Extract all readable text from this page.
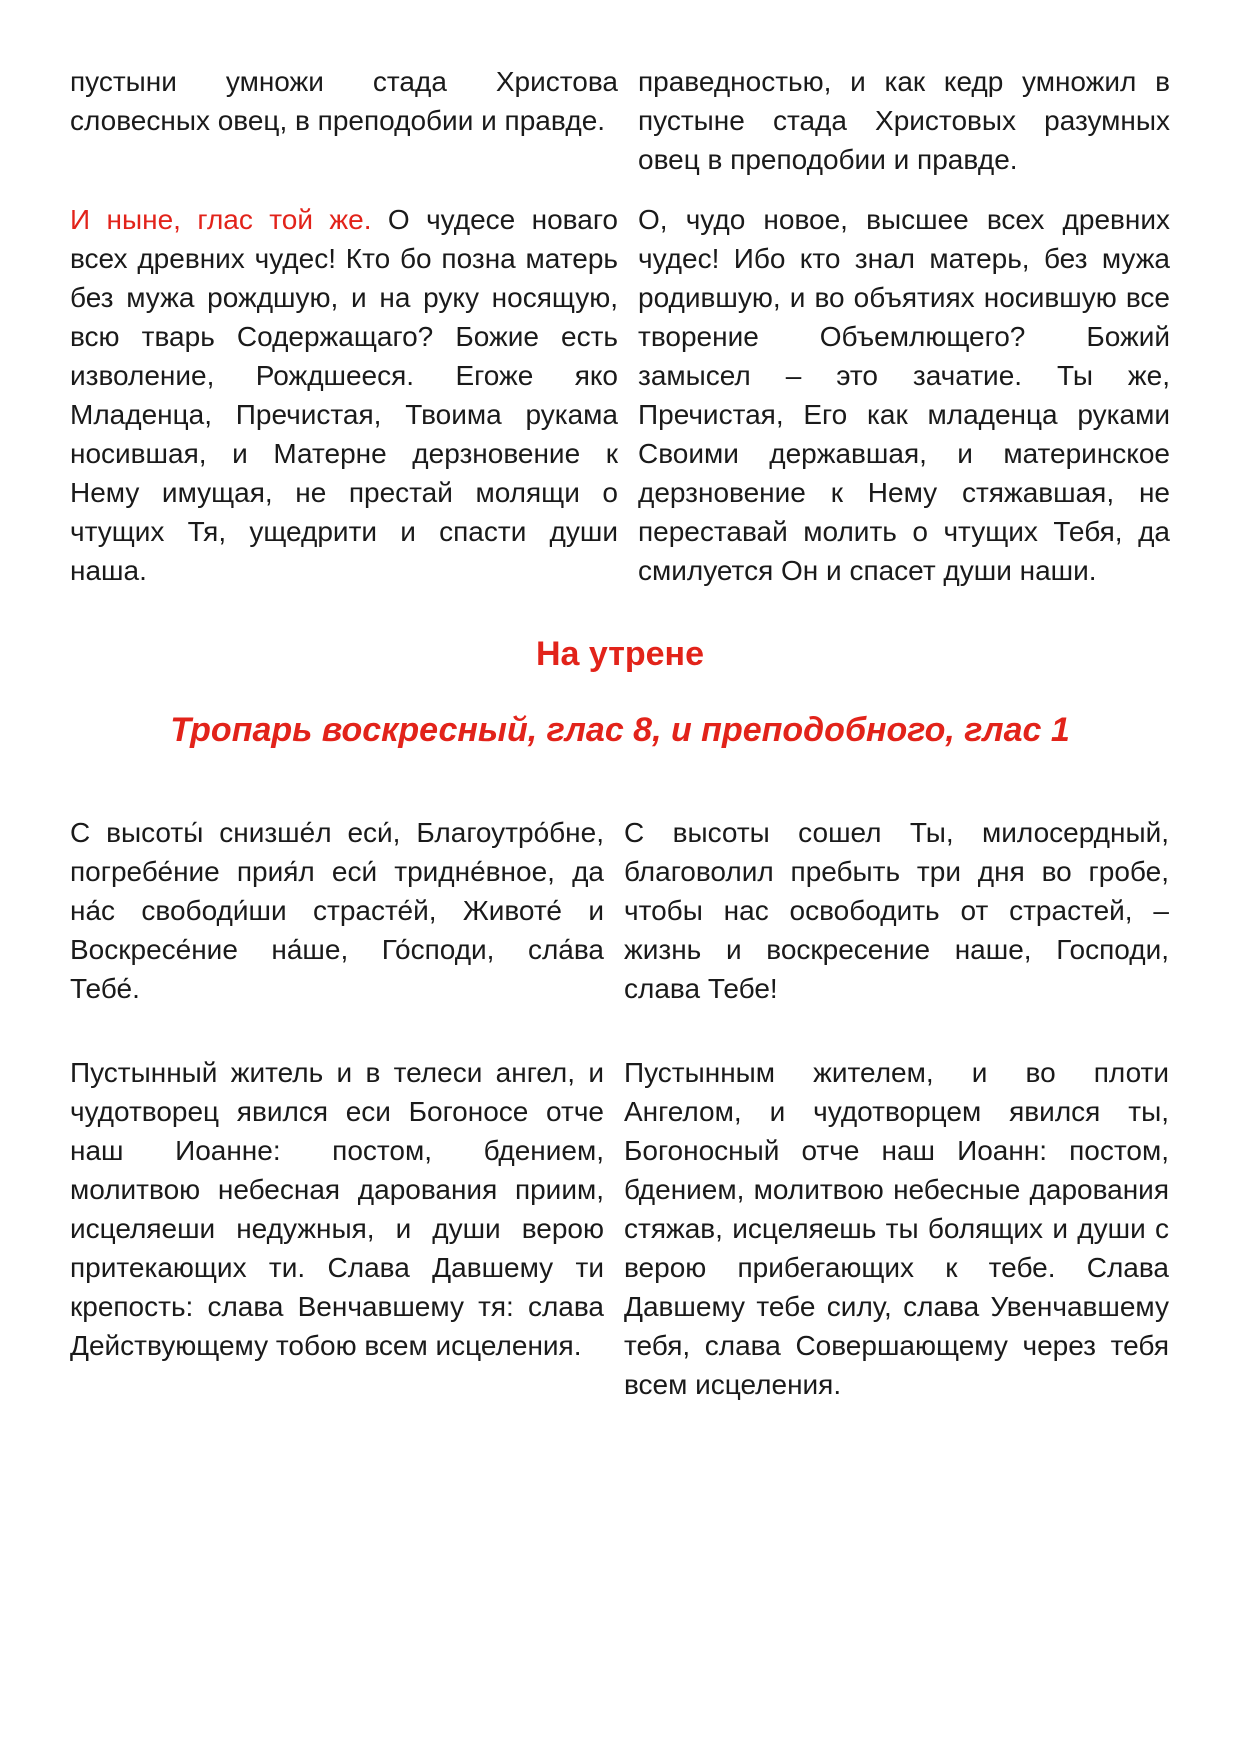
пустыни умножи стада Христова словесных овец, в преподобии и правде.

праведностью, и как кедр умножил в пустыне стада Христовых разумных овец в преподобии и правде.

И ныне, глас той же. О чудесе новаго всех древних чудес! Кто бо позна матерь без мужа рождшую, и на руку носящую, всю тварь Содержащаго? Божие есть изволение, Рождшееся. Егоже яко Младенца, Пречистая, Твоима рукама носившая, и Матерне дерзновение к Нему имущая, не престай молящи о чтущих Тя, ущедрити и спасти души наша.

О, чудо новое, высшее всех древних чудес! Ибо кто знал матерь, без мужа родившую, и во объятиях носившую все творение Объемлющего? Божий замысел – это зачатие. Ты же, Пречистая, Его как младенца руками Своими державшая, и материнское дерзновение к Нему стяжавшая, не переставай молить о чтущих Тебя, да смилуется Он и спасет души наши.

На утрене
Тропарь воскресный, глас 8, и преподобного, глас 1

С высоты́ снизше́л еси́, Благоутро́бне, погребе́ние прия́л еси́ тридне́вное, да на́с свободи́ши страсте́й, Животе́ и Воскресе́ние на́ше, Го́споди, сла́ва Тебе́.

С высоты сошел Ты, милосердный, благоволил пребыть три дня во гробе, чтобы нас освободить от страстей, – жизнь и воскресение наше, Господи, слава Тебе!

Пустынный житель и в телеси ангел, и чудотворец явился еси Богоносе отче наш Иоанне: постом, бдением, молитвою небесная дарования приим, исцеляеши недужныя, и души верою притекающих ти. Слава Давшему ти крепость: слава Венчавшему тя: слава Действующему тобою всем исцеления.

Пустынным жителем, и во плоти Ангелом, и чудотворцем явился ты, Богоносный отче наш Иоанн: постом, бдением, молитвою небесные дарования стяжав, исцеляешь ты болящих и души с верою прибегающих к тебе. Слава Давшему тебе силу, слава Увенчавшему тебя, слава Совершающему через тебя всем исцеления.
